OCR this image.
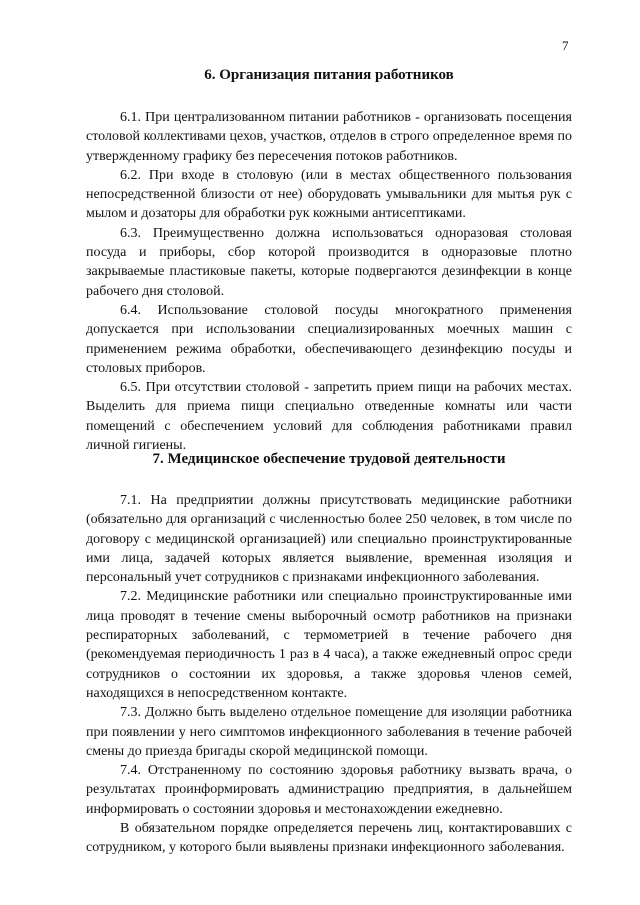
7
6. Организация питания работников

6.1. При централизованном питании работников - организовать посещения столовой коллективами цехов, участков, отделов в строго определенное время по утвержденному графику без пересечения потоков работников.

6.2. При входе в столовую (или в местах общественного пользования непосредственной близости от нее) оборудовать умывальники для мытья рук с мылом и дозаторы для обработки рук кожными антисептиками.

6.3. Преимущественно должна использоваться одноразовая столовая посуда и приборы, сбор которой производится в одноразовые плотно закрываемые пластиковые пакеты, которые подвергаются дезинфекции в конце рабочего дня столовой.

6.4. Использование столовой посуды многократного применения допускается при использовании специализированных моечных машин с применением режима обработки, обеспечивающего дезинфекцию посуды и столовых приборов.

6.5. При отсутствии столовой - запретить прием пищи на рабочих местах. Выделить для приема пищи специально отведенные комнаты или части помещений с обеспечением условий для соблюдения работниками правил личной гигиены.

7. Медицинское обеспечение трудовой деятельности

7.1. На предприятии должны присутствовать медицинские работники (обязательно для организаций с численностью более 250 человек, в том числе по договору с медицинской организацией) или специально проинструктированные ими лица, задачей которых является выявление, временная изоляция и персональный учет сотрудников с признаками инфекционного заболевания.

7.2. Медицинские работники или специально проинструктированные ими лица проводят в течение смены выборочный осмотр работников на признаки респираторных заболеваний, с термометрией в течение рабочего дня (рекомендуемая периодичность 1 раз в 4 часа), а также ежедневный опрос среди сотрудников о состоянии их здоровья, а также здоровья членов семей, находящихся в непосредственном контакте.

7.3. Должно быть выделено отдельное помещение для изоляции работника при появлении у него симптомов инфекционного заболевания в течение рабочей смены до приезда бригады скорой медицинской помощи.

7.4. Отстраненному по состоянию здоровья работнику вызвать врача, о результатах проинформировать администрацию предприятия, в дальнейшем информировать о состоянии здоровья и местонахождении ежедневно.

В обязательном порядке определяется перечень лиц, контактировавших с сотрудником, у которого были выявлены признаки инфекционного заболевания.
